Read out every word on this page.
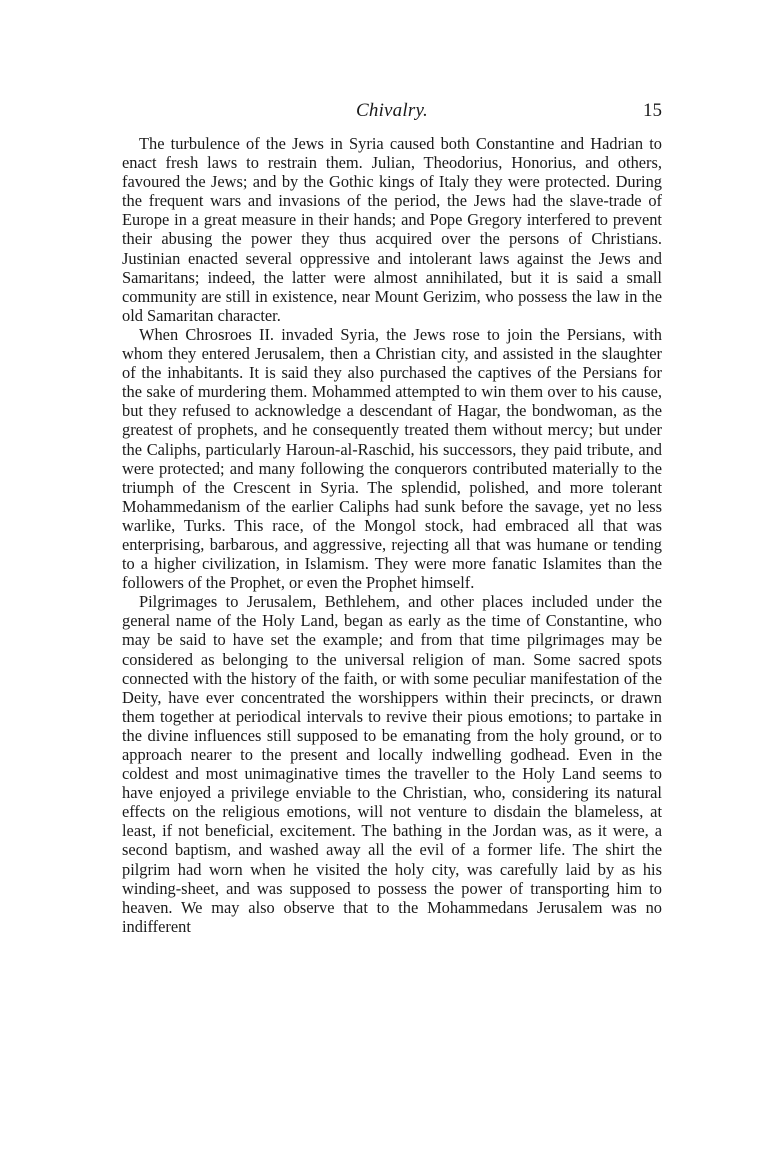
Chivalry.	15

The turbulence of the Jews in Syria caused both Constantine and Hadrian to enact fresh laws to restrain them. Julian, Theodorius, Honorius, and others, favoured the Jews; and by the Gothic kings of Italy they were protected. During the frequent wars and invasions of the period, the Jews had the slave-trade of Europe in a great measure in their hands; and Pope Gregory interfered to prevent their abusing the power they thus acquired over the persons of Christians. Justinian enacted several oppressive and intolerant laws against the Jews and Samaritans; indeed, the latter were almost annihilated, but it is said a small community are still in existence, near Mount Gerizim, who possess the law in the old Samaritan character.

When Chrosroes II. invaded Syria, the Jews rose to join the Persians, with whom they entered Jerusalem, then a Christian city, and assisted in the slaughter of the inhabitants. It is said they also purchased the captives of the Persians for the sake of murdering them. Mohammed attempted to win them over to his cause, but they refused to acknowledge a descendant of Hagar, the bondwoman, as the greatest of prophets, and he consequently treated them without mercy; but under the Caliphs, particularly Haroun-al-Raschid, his successors, they paid tribute, and were protected; and many following the conquerors contributed materially to the triumph of the Crescent in Syria. The splendid, polished, and more tolerant Mohammedanism of the earlier Caliphs had sunk before the savage, yet no less warlike, Turks. This race, of the Mongol stock, had embraced all that was enterprising, barbarous, and aggressive, rejecting all that was humane or tending to a higher civilization, in Islamism. They were more fanatic Islamites than the followers of the Prophet, or even the Prophet himself.

Pilgrimages to Jerusalem, Bethlehem, and other places included under the general name of the Holy Land, began as early as the time of Constantine, who may be said to have set the example; and from that time pilgrimages may be considered as belonging to the universal religion of man. Some sacred spots connected with the history of the faith, or with some peculiar manifestation of the Deity, have ever concentrated the worshippers within their precincts, or drawn them together at periodical intervals to revive their pious emotions; to partake in the divine influences still supposed to be emanating from the holy ground, or to approach nearer to the present and locally indwelling godhead. Even in the coldest and most unimaginative times the traveller to the Holy Land seems to have enjoyed a privilege enviable to the Christian, who, considering its natural effects on the religious emotions, will not venture to disdain the blameless, at least, if not beneficial, excitement. The bathing in the Jordan was, as it were, a second baptism, and washed away all the evil of a former life. The shirt the pilgrim had worn when he visited the holy city, was carefully laid by as his winding-sheet, and was supposed to possess the power of transporting him to heaven. We may also observe that to the Mohammedans Jerusalem was no indifferent
